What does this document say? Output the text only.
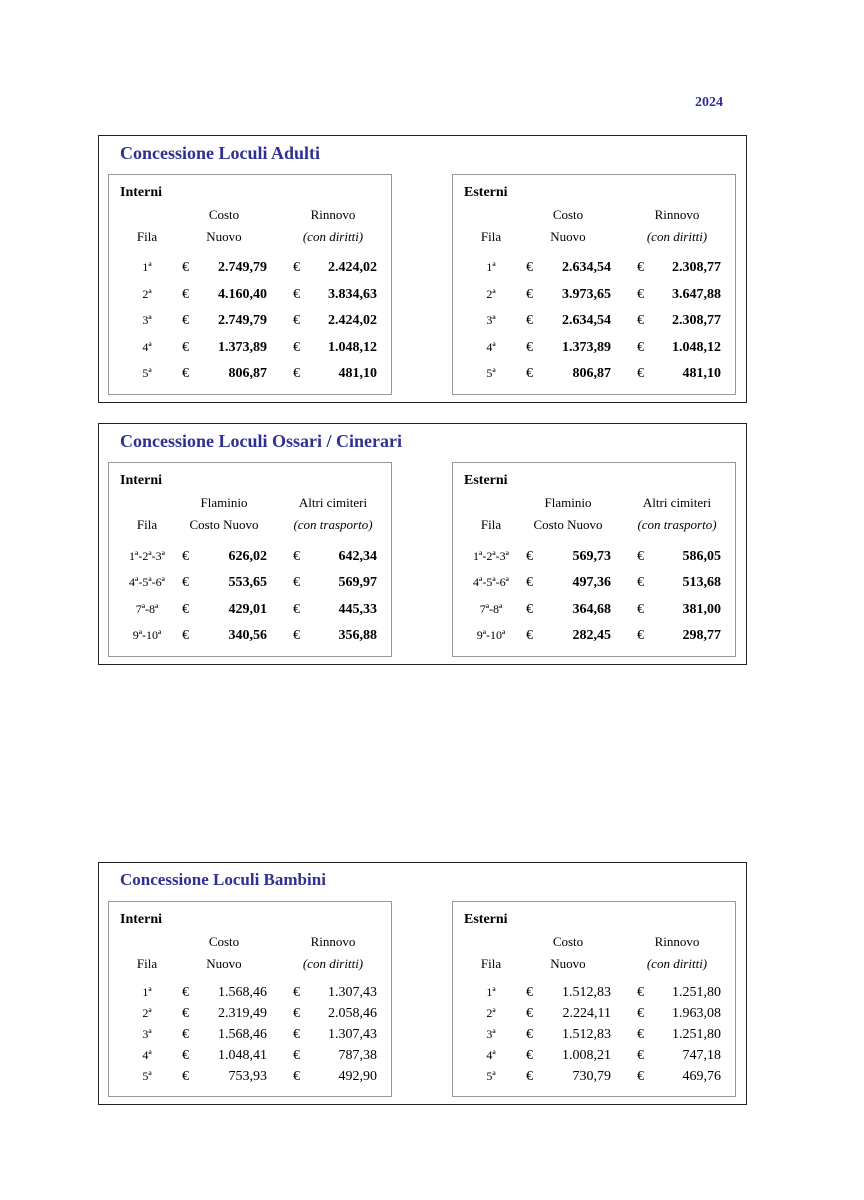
2024
Concessione Loculi Adulti
Interni
Costo	Rinnovo
Fila	Nuovo	(con diritti)
1ª	€ 2.749,79 € 2.424,02
2ª	€ 4.160,40 € 3.834,63
3ª	€ 2.749,79 € 2.424,02
4ª	€ 1.373,89 € 1.048,12
5ª	€	806,87 €	481,10
Esterni
Costo	Rinnovo
Fila	Nuovo	(con diritti)
1ª	€ 2.634,54 € 2.308,77
2ª	€ 3.973,65 € 3.647,88
3ª	€ 2.634,54 € 2.308,77
4ª	€ 1.373,89 € 1.048,12
5ª	€	806,87 €	481,10
Concessione Loculi Ossari / Cinerari
Interni
Flaminio	Altri cimiteri
Fila	Costo Nuovo	(con trasporto)
1ª-2ª-3ª	€	626,02 €	642,34
4ª-5ª-6ª	€	553,65 €	569,97
7ª-8ª	€	429,01 €	445,33
9ª-10ª	€	340,56 €	356,88
Esterni
Flaminio	Altri cimiteri
Fila	Costo Nuovo	(con trasporto)
1ª-2ª-3ª	€	569,73 €	586,05
4ª-5ª-6ª	€	497,36 €	513,68
7ª-8ª	€	364,68 €	381,00
9ª-10ª	€	282,45 €	298,77
Concessione Loculi Bambini
Interni
Costo	Rinnovo
Fila	Nuovo	(con diritti)
1ª	€ 1.568,46 € 1.307,43
2ª	€ 2.319,49 € 2.058,46
3ª	€ 1.568,46 € 1.307,43
4ª	€ 1.048,41 €	787,38
5ª	€	753,93 €	492,90
Esterni
Costo	Rinnovo
Fila	Nuovo	(con diritti)
1ª	€ 1.512,83 € 1.251,80
2ª	€ 2.224,11 € 1.963,08
3ª	€ 1.512,83 € 1.251,80
4ª	€ 1.008,21 €	747,18
5ª	€	730,79 €	469,76
